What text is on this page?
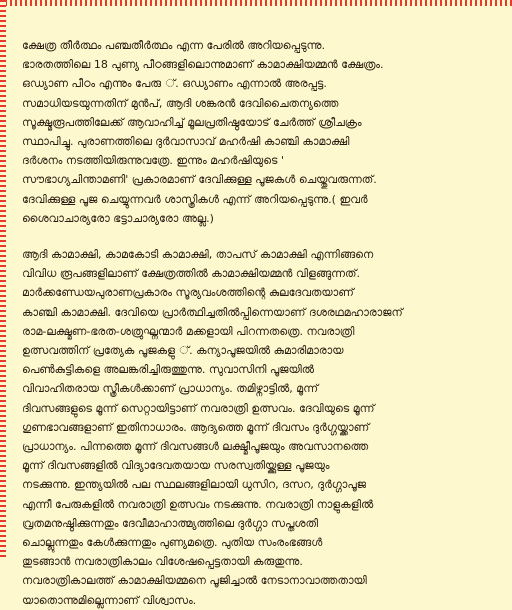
ക്ഷേത്ര തീർത്ഥം പഞ്ചതീർത്ഥം എന്ന പേരിൽ അറിയപ്പെടുന്നു.
ഭാരതത്തിലെ 18 പുണ്യ പീഠങ്ങളിലൊന്നുമാണ് കാമാക്ഷിയമ്മൻ ക്ഷേത്രം.
ഒഡ്യാണ പീഠം എന്നും പേരു ്. ഒഡ്യാണം എന്നാൽ അരപ്പട്ട.
സമാധിയടയുന്നതിന് മുൻപ്, ആദി ശങ്കരൻ ദേവിചൈതന്യത്തെ
സൂക്ഷ്മരൂപത്തിലേക്ക് ആവാഹിച്ച് മൂലപ്രതിഷ്ഠയോട് ചേർത്ത് ശ്രീചക്രം
സ്ഥാപിച്ചു. പുരാണത്തിലെ ദുർവാസാവ് മഹർഷി കാഞ്ചി കാമാക്ഷി
ദർശനം നടത്തിയിരുന്നുവത്രേ. ഇന്നും മഹർഷിയുടെ '
സൗഭാഗ്യചിന്താമണി' പ്രകാരമാണ് ദേവിക്കുള്ള പൂജകൾ ചെയ്തുവരുന്നത്.
ദേവിക്കുള്ള പൂജ ചെയ്യുന്നവർ ശാസ്ത്രികൾ എന്ന് അറിയപ്പെടുന്നു.( ഇവർ
ശൈവാചാര്യരോ ഭട്ടാചാര്യരോ അല്ല.)
ആദി കാമാക്ഷി, കാമകോടി കാമാക്ഷി, താപസ് കാമാക്ഷി എന്നിങ്ങനെ
വിവിധ രൂപങ്ങളിലാണ് ക്ഷേത്രത്തിൽ കാമാക്ഷിയമ്മൻ വിളങ്ങുന്നത്.
മാർക്കണ്ഡേയപുരാണപ്രകാരം സൂര്യവംശത്തിന്റെ കുലദേവതയാണ്
കാഞ്ചി കാമാക്ഷി. ദേവിയെ പ്രാർത്ഥിച്ചതിൽപ്പിന്നെയാണ് ദശരഥമഹാരാജന്
രാമ-ലക്ഷ്മണ-ഭരത-ശത്രുഘ്നന്മാർ മക്കളായി പിറന്നതത്രെ. നവരാത്രി
ഉത്സവത്തിന് പ്രത്യേക പൂജകളു ്. കന്യാപൂജയിൽ കുമാരിമാരായ
പെൺകുട്ടികളെ അലങ്കരിച്ചിരുത്തുന്നു. സുവാസിനി പൂജയിൽ
വിവാഹിതരായ സ്ത്രീകൾക്കാണ് പ്രാധാന്യം. തമിഴ്നാട്ടിൽ, മൂന്ന്
ദിവസങ്ങളുടെ മൂന്ന് സെറ്റായിട്ടാണ് നവരാത്രി ഉത്സവം. ദേവിയുടെ മൂന്ന്
ഗുണഭാവങ്ങളാണ് ഇതിനാധാരം. ആദ്യത്തെ മൂന്ന് ദിവസം ദുർഗ്ഗയ്ക്കാണ്
പ്രാധാന്യം. പിന്നത്തെ മൂന്ന് ദിവസങ്ങൾ ലക്ഷ്മീപൂജയും അവസാനത്തെ
മൂന്ന് ദിവസങ്ങളിൽ വിദ്യാദേവതയായ സരസ്വതിയ്ക്കുള്ള പൂജയും
നടക്കുന്നു. ഇന്ത്യയിൽ പല സ്ഥലങ്ങളിലായി ധുസിറ, ദസറ, ദുർഗ്ഗാപൂജ
എന്നീ പേരുകളിൽ നവരാത്രി ഉത്സവം നടക്കുന്നു. നവരാത്രി നാളുകളിൽ
വ്രതമനുഷ്ഠിക്കുന്നതും ദേവീമാഹാത്മ്യത്തിലെ ദുർഗ്ഗാ സപ്തശതി
ചൊല്ലുന്നതും കേൾക്കുന്നതും പുണ്യമത്രെ. പുതിയ സംരംഭങ്ങൾ
തുടങ്ങാൻ നവരാത്രികാലം വിശേഷപ്പെട്ടതായി കരുതുന്നു.
നവരാത്രികാലത്ത് കാമാക്ഷിയമ്മനെ പൂജിച്ചാൽ നേടാനാവാത്തതായി
യാതൊന്നുമില്ലെന്നാണ് വിശ്വാസം.
